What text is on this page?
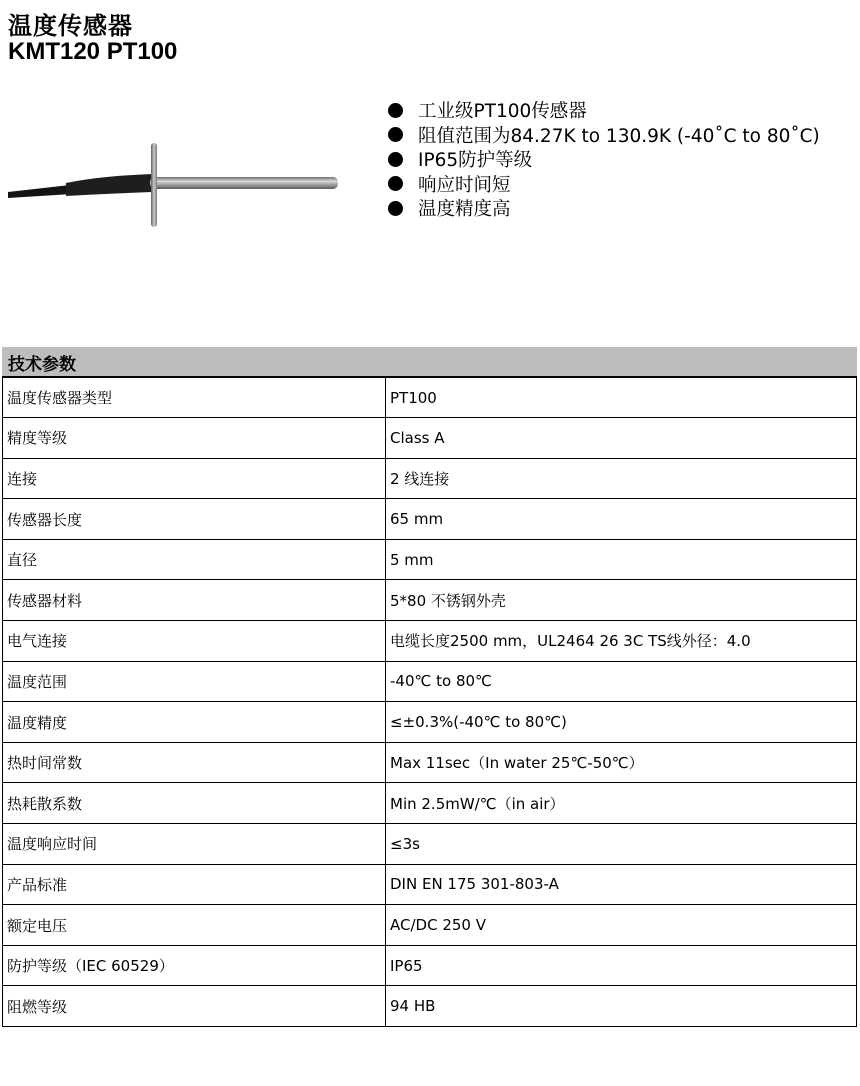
温度传感器
KMT120 PT100
工业级PT100传感器
阻值范围为84.27K to 130.9K (-40˚C to 80˚C)
IP65防护等级
响应时间短
温度精度高
技术参数
温度传感器类型	PT100
精度等级	Class A
连接	2 线连接
传感器长度	65 mm
直径	5 mm
传感器材料	5*80 不锈钢外壳
电气连接	电缆长度2500 mm，UL2464 26 3C TS线外径：4.0
温度范围	-40℃ to 80℃
温度精度	≤±0.3%(-40℃ to 80℃)
热时间常数	Max 11sec（In water 25℃-50℃）
热耗散系数	Min 2.5mW/℃（in air）
温度响应时间	≤3s
产品标准	DIN EN 175 301-803-A
额定电压	AC/DC 250 V
防护等级（IEC 60529）	IP65
阻燃等级	94 HB
